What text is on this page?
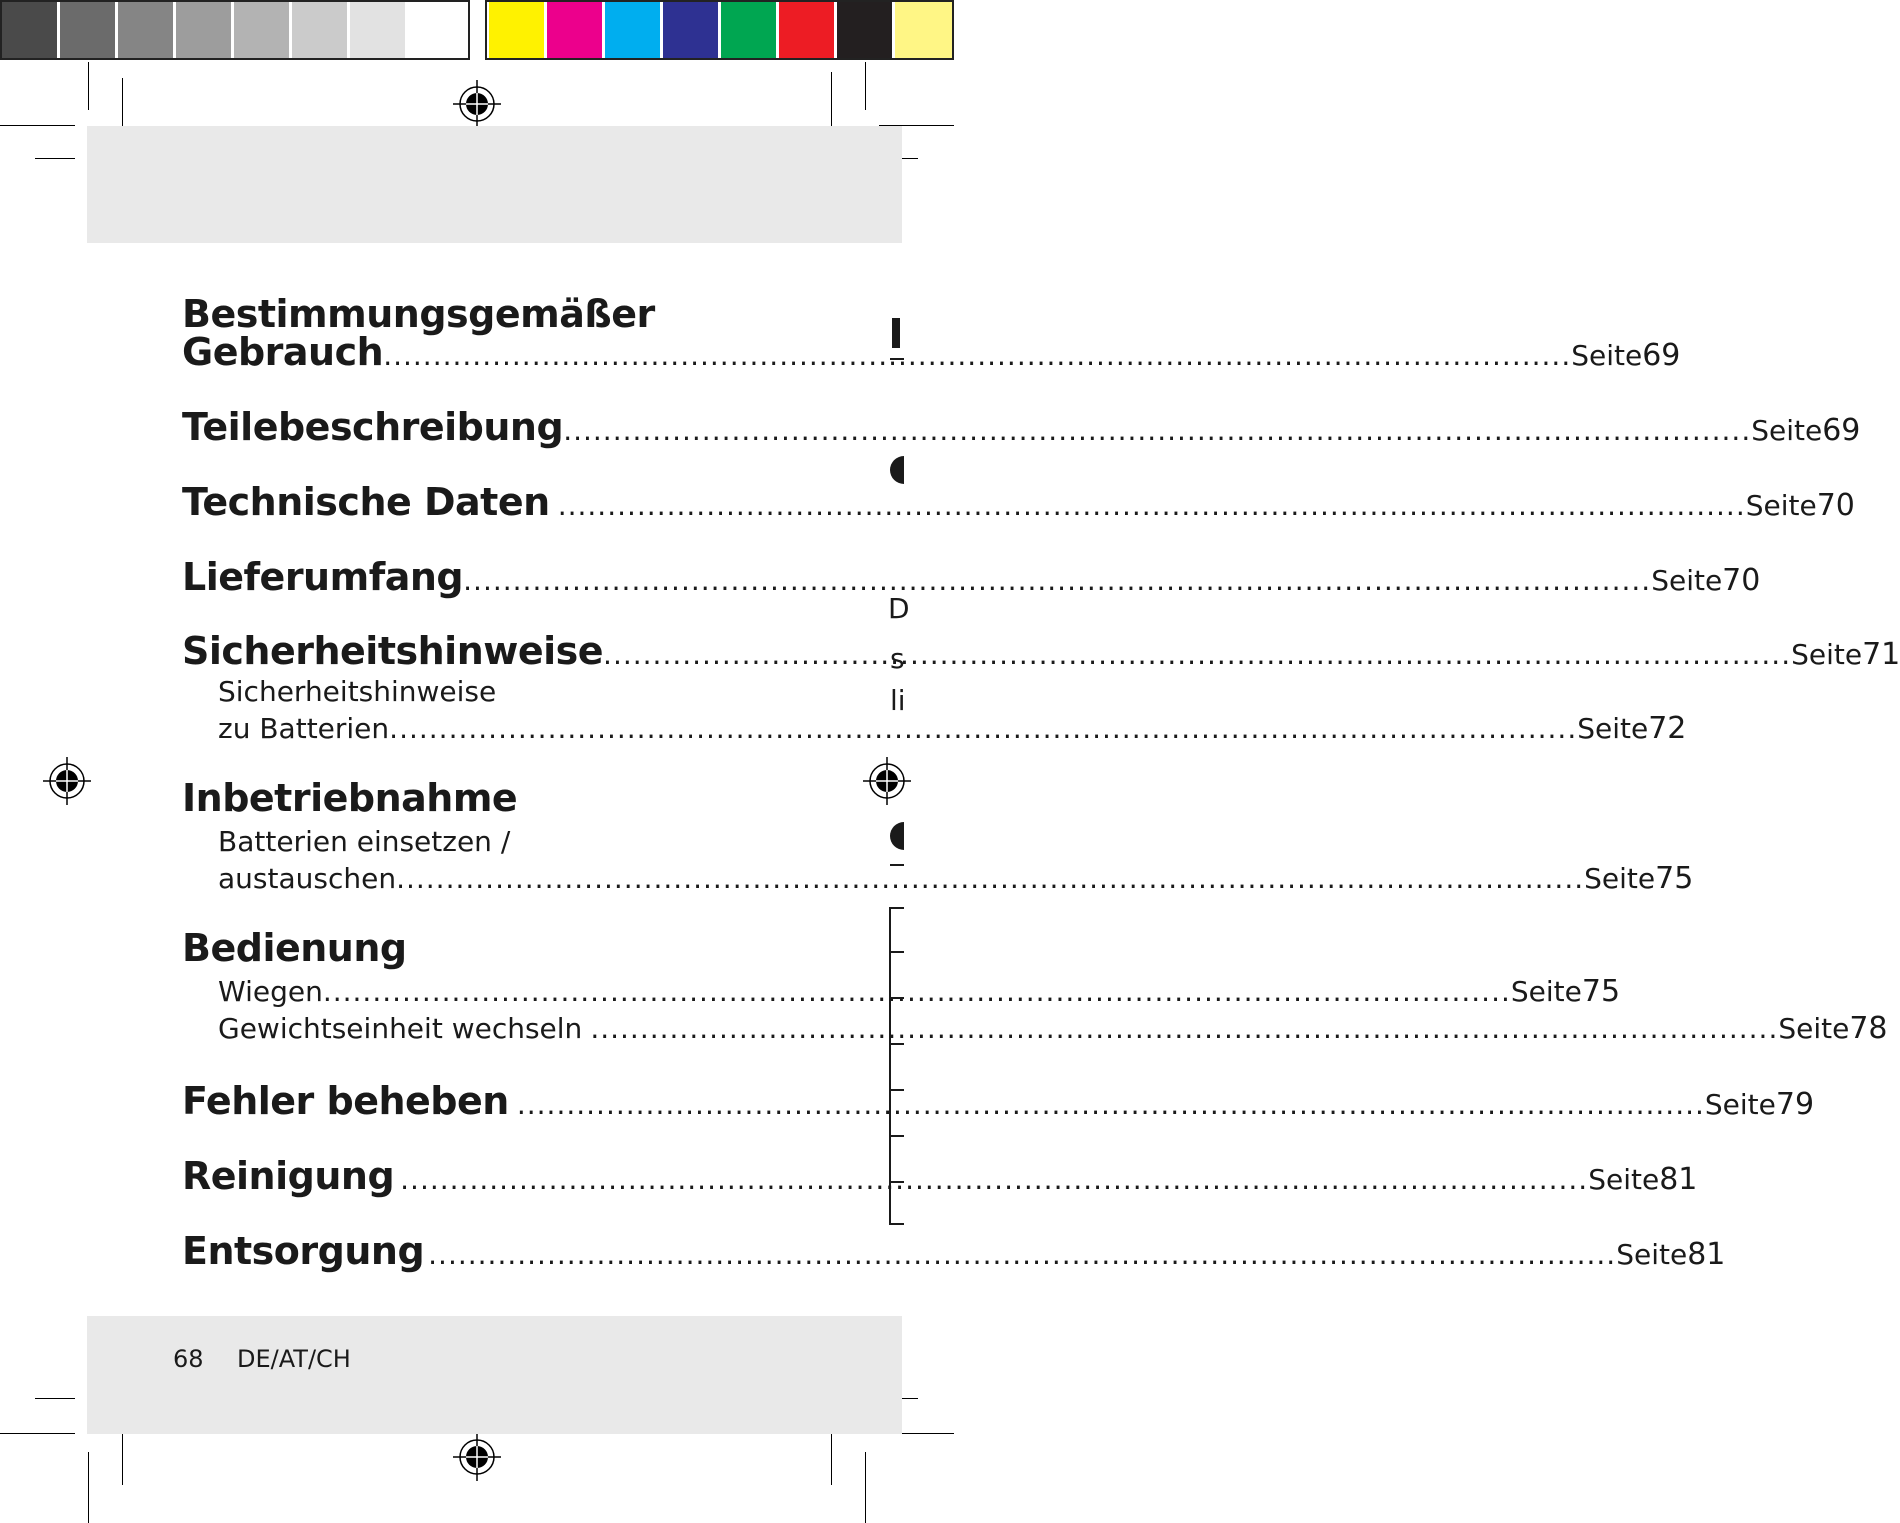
Bestimmungsgemäßer
Gebrauch .....	Seite 69
Teilebeschreibung .....	Seite 69
Technische Daten .....	Seite 70
Lieferumfang .....	Seite 70
Sicherheitshinweise .....	Seite 71
Sicherheitshinweise
zu Batterien .....	Seite 72
Inbetriebnahme
Batterien einsetzen /
austauschen .....	Seite 75
Bedienung
Wiegen .....	Seite 75
Gewichtseinheit wechseln .....	Seite 78
Fehler beheben .....	Seite 79
Reinigung .....	Seite 81
Entsorgung .....	Seite 81
68 DE/AT/CH
D
s
li
